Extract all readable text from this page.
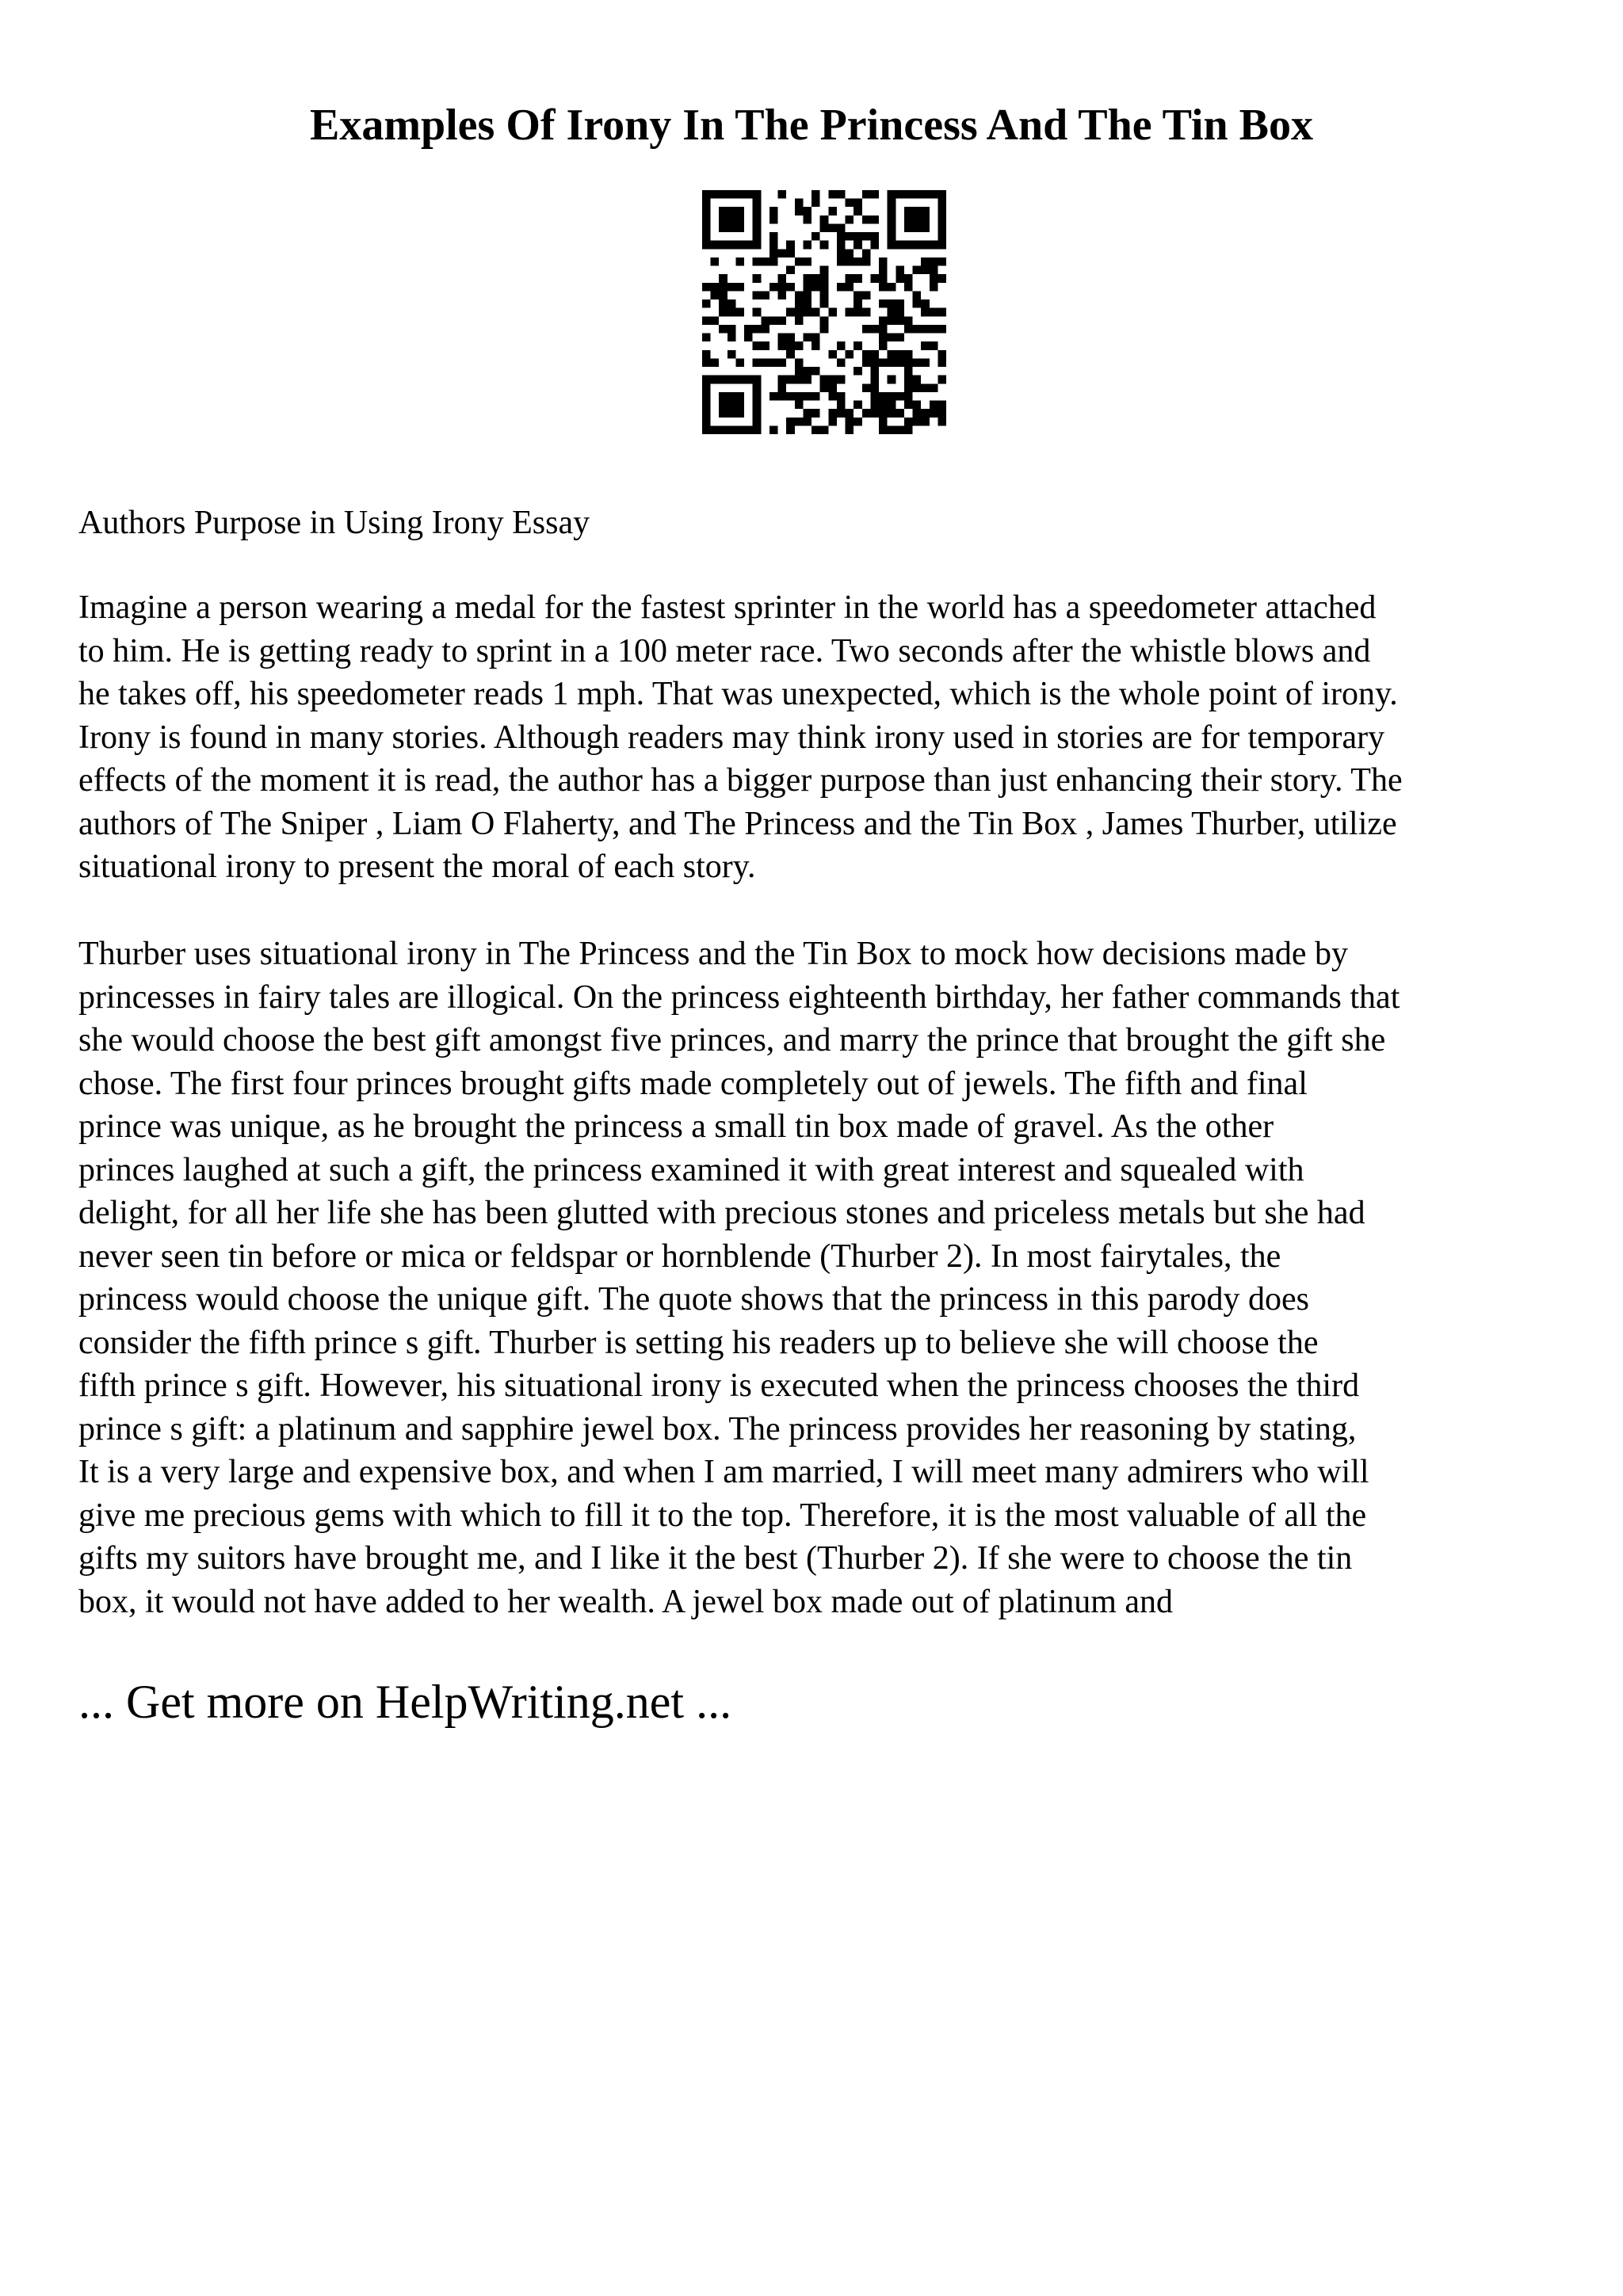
Examples Of Irony In The Princess And The Tin Box

Authors Purpose in Using Irony Essay

Imagine a person wearing a medal for the fastest sprinter in the world has a speedometer attached
to him. He is getting ready to sprint in a 100 meter race. Two seconds after the whistle blows and
he takes off, his speedometer reads 1 mph. That was unexpected, which is the whole point of irony.
Irony is found in many stories. Although readers may think irony used in stories are for temporary
effects of the moment it is read, the author has a bigger purpose than just enhancing their story. The
authors of The Sniper , Liam O Flaherty, and The Princess and the Tin Box , James Thurber, utilize
situational irony to present the moral of each story.

Thurber uses situational irony in The Princess and the Tin Box to mock how decisions made by
princesses in fairy tales are illogical. On the princess eighteenth birthday, her father commands that
she would choose the best gift amongst five princes, and marry the prince that brought the gift she
chose. The first four princes brought gifts made completely out of jewels. The fifth and final
prince was unique, as he brought the princess a small tin box made of gravel. As the other
princes laughed at such a gift, the princess examined it with great interest and squealed with
delight, for all her life she has been glutted with precious stones and priceless metals but she had
never seen tin before or mica or feldspar or hornblende (Thurber 2). In most fairytales, the
princess would choose the unique gift. The quote shows that the princess in this parody does
consider the fifth prince s gift. Thurber is setting his readers up to believe she will choose the
fifth prince s gift. However, his situational irony is executed when the princess chooses the third
prince s gift: a platinum and sapphire jewel box. The princess provides her reasoning by stating,
It is a very large and expensive box, and when I am married, I will meet many admirers who will
give me precious gems with which to fill it to the top. Therefore, it is the most valuable of all the
gifts my suitors have brought me, and I like it the best (Thurber 2). If she were to choose the tin
box, it would not have added to her wealth. A jewel box made out of platinum and

... Get more on HelpWriting.net ...
